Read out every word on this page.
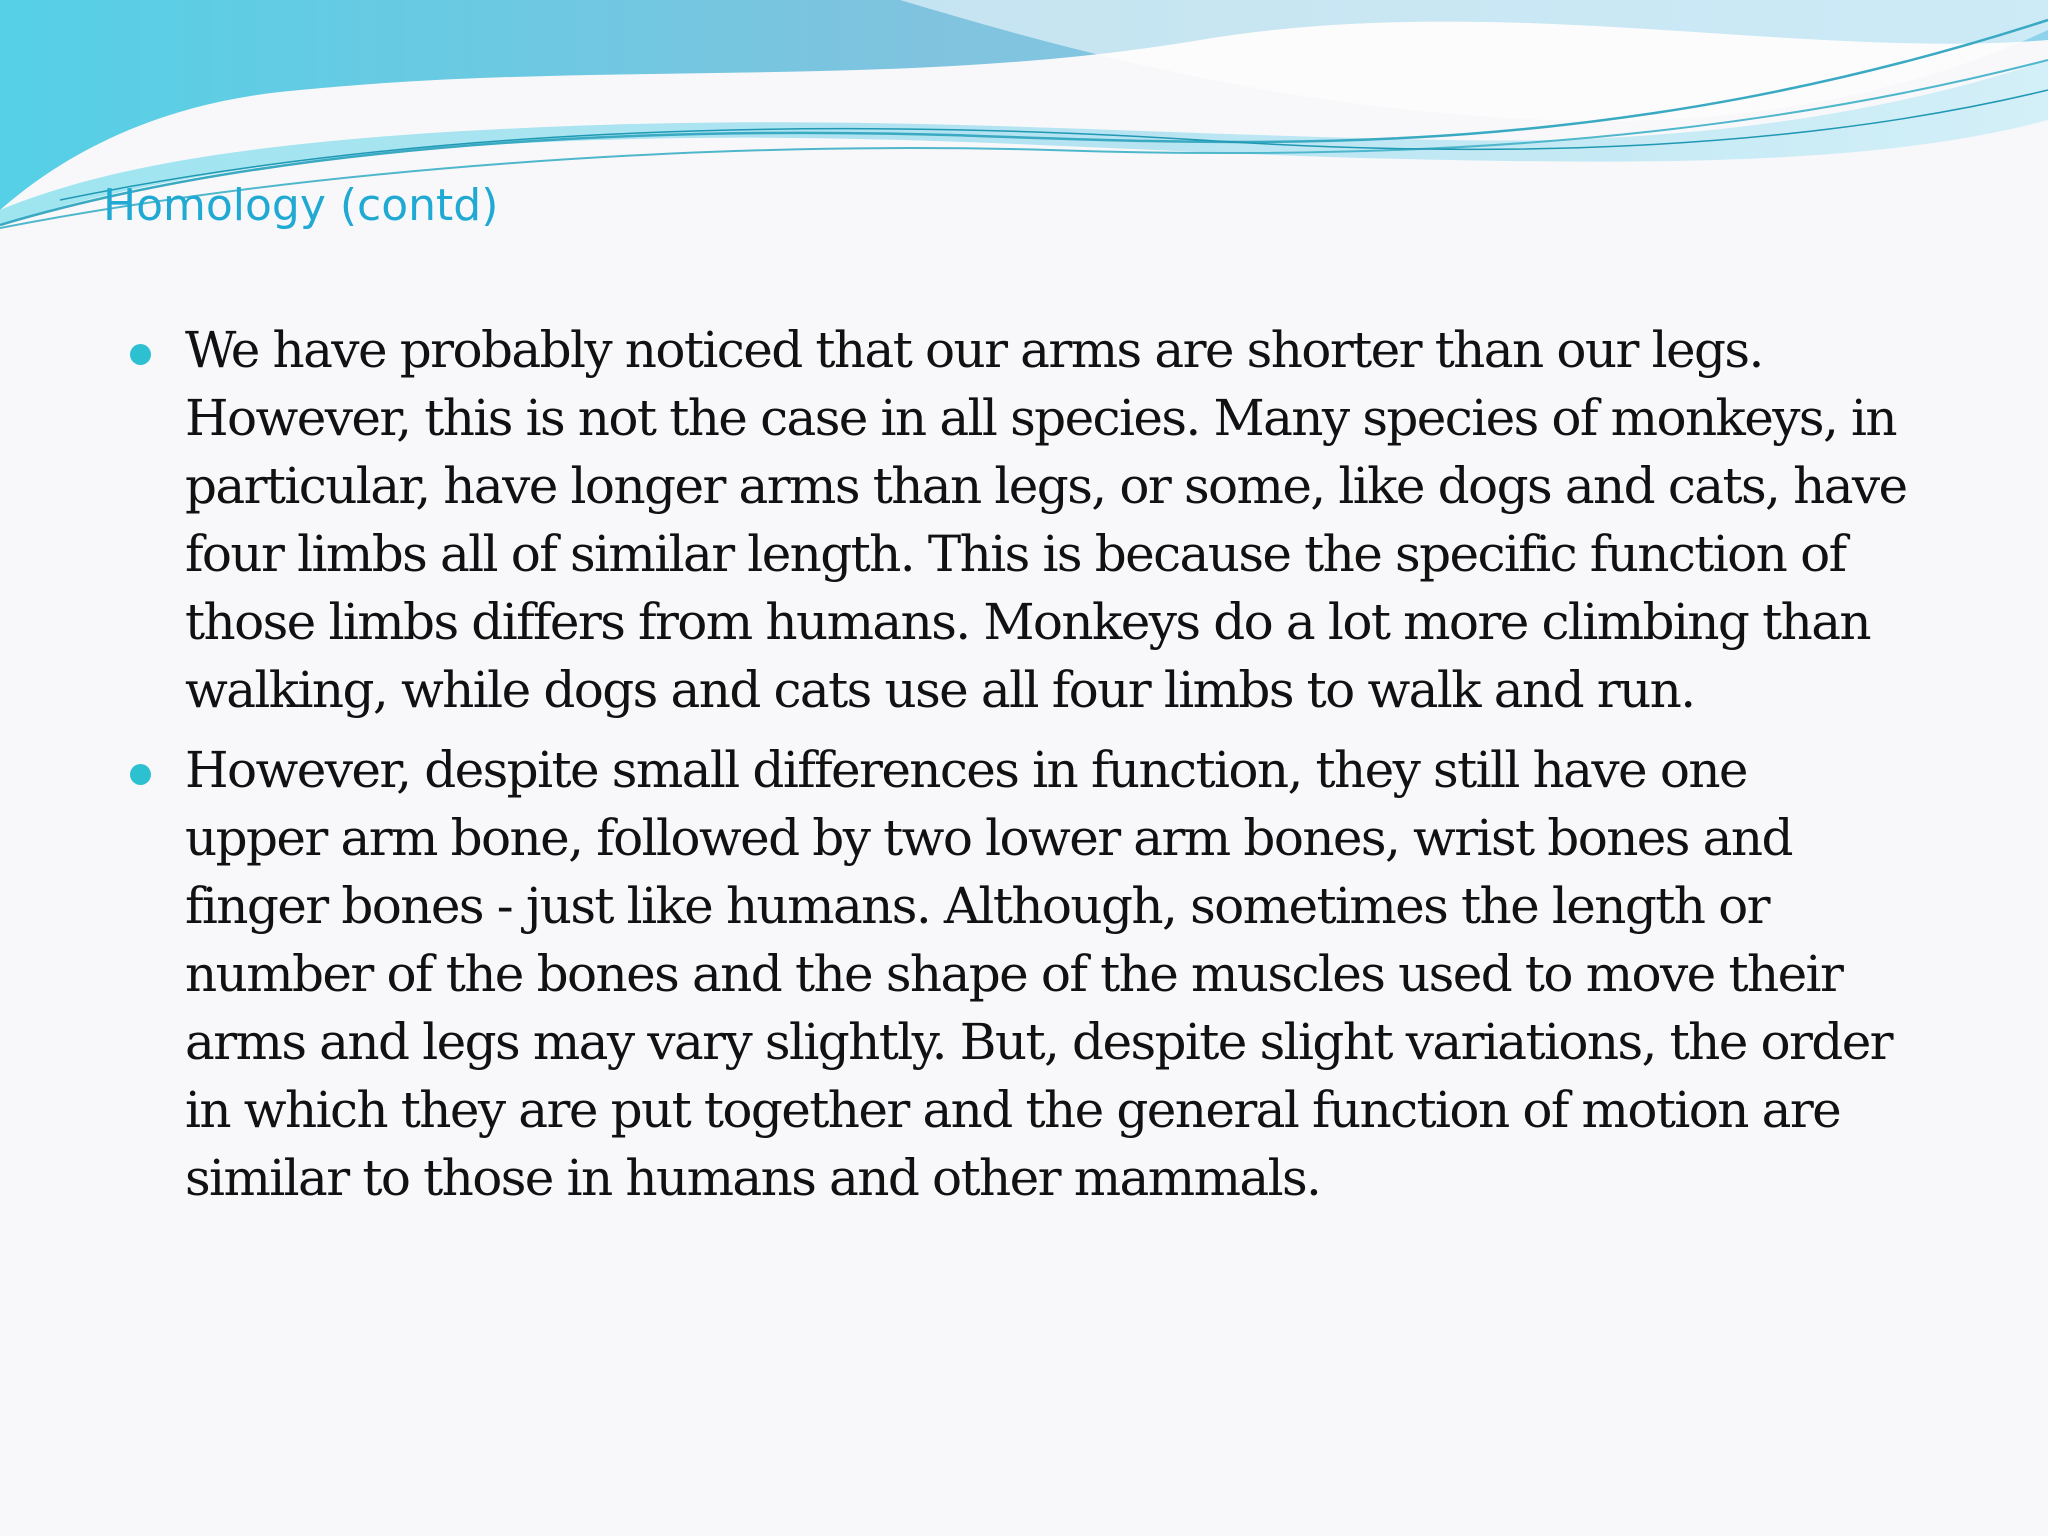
Homology (contd)
We have probably noticed that our arms are shorter than our legs.
However, this is not the case in all species. Many species of monkeys, in
particular, have longer arms than legs, or some, like dogs and cats, have
four limbs all of similar length. This is because the specific function of
those limbs differs from humans. Monkeys do a lot more climbing than
walking, while dogs and cats use all four limbs to walk and run.
However, despite small differences in function, they still have one
upper arm bone, followed by two lower arm bones, wrist bones and
finger bones - just like humans. Although, sometimes the length or
number of the bones and the shape of the muscles used to move their
arms and legs may vary slightly. But, despite slight variations, the order
in which they are put together and the general function of motion are
similar to those in humans and other mammals.
